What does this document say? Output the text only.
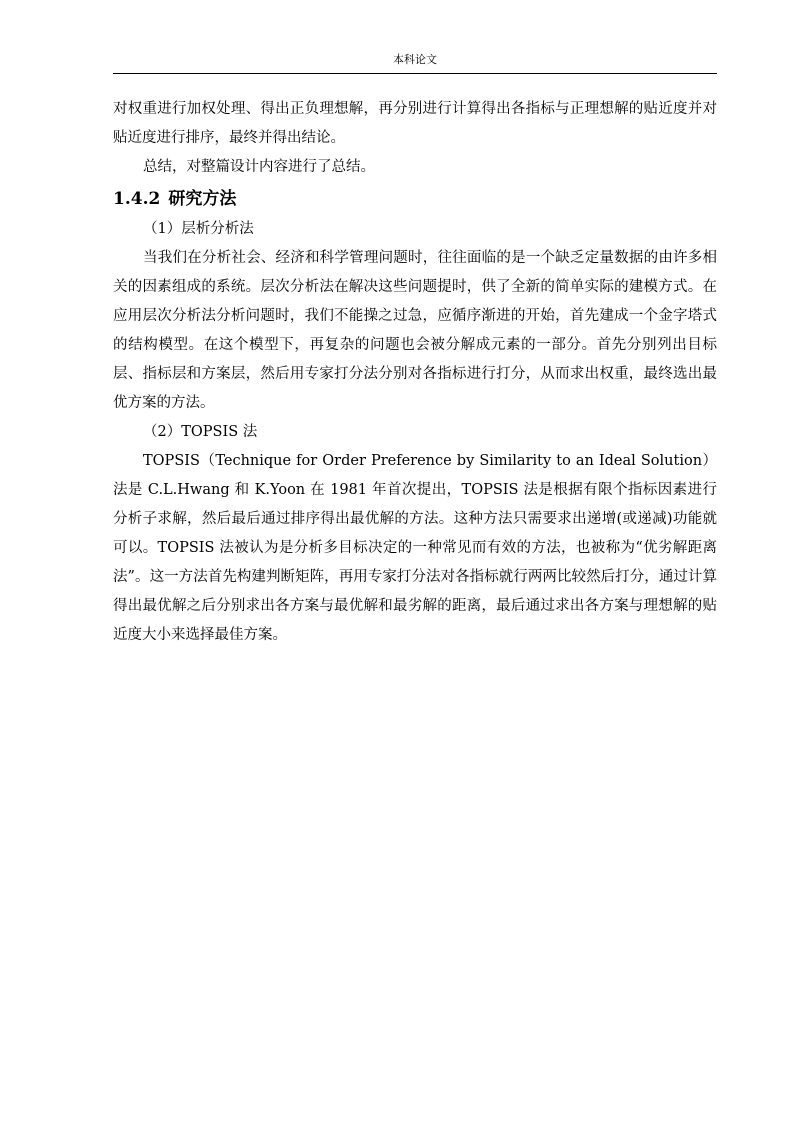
本科论文

对权重进行加权处理、得出正负理想解，再分别进行计算得出各指标与正理想解的贴近度并对贴近度进行排序，最终并得出结论。

总结，对整篇设计内容进行了总结。

1.4.2 研究方法

（1）层析分析法

当我们在分析社会、经济和科学管理问题时，往往面临的是一个缺乏定量数据的由许多相关的因素组成的系统。层次分析法在解决这些问题提时，供了全新的简单实际的建模方式。在应用层次分析法分析问题时，我们不能操之过急，应循序渐进的开始，首先建成一个金字塔式的结构模型。在这个模型下，再复杂的问题也会被分解成元素的一部分。首先分别列出目标层、指标层和方案层，然后用专家打分法分别对各指标进行打分，从而求出权重，最终选出最优方案的方法。

（2）TOPSIS 法

TOPSIS（Technique for Order Preference by Similarity to an Ideal Solution）法是 C.L.Hwang 和 K.Yoon 在 1981 年首次提出，TOPSIS 法是根据有限个指标因素进行分析子求解，然后最后通过排序得出最优解的方法。这种方法只需要求出递增(或递减)功能就可以。TOPSIS 法被认为是分析多目标决定的一种常见而有效的方法，也被称为“优劣解距离法”。这一方法首先构建判断矩阵，再用专家打分法对各指标就行两两比较然后打分，通过计算得出最优解之后分别求出各方案与最优解和最劣解的距离，最后通过求出各方案与理想解的贴近度大小来选择最佳方案。
